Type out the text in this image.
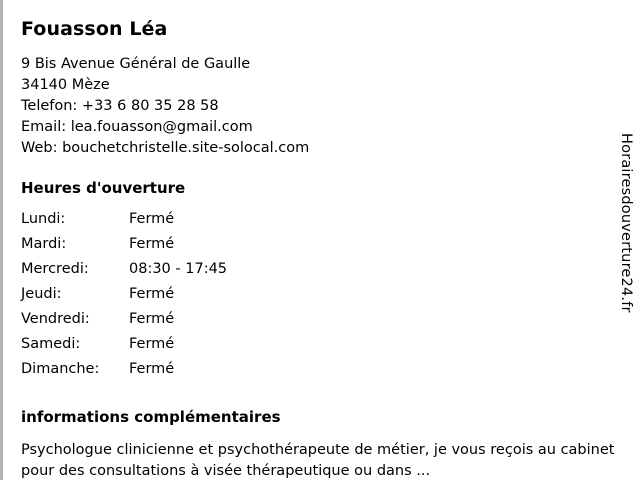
Fouasson Léa

9 Bis Avenue Général de Gaulle

34140 Mèze

Telefon: +33 6 80 35 28 58

Email: lea.fouasson@gmail.com

Web: bouchetchristelle.site-solocal.com

Heures d'ouverture
Lundi:	Fermé
Mardi:	Fermé
Mercredi:	08:30 - 17:45
Jeudi:	Fermé
Vendredi:	Fermé
Samedi:	Fermé
Dimanche:	Fermé
informations complémentaires

Psychologue clinicienne et psychothérapeute de métier, je vous reçois au cabinet pour des consultations à visée thérapeutique ou dans ...

Horairesdouverture24.fr
